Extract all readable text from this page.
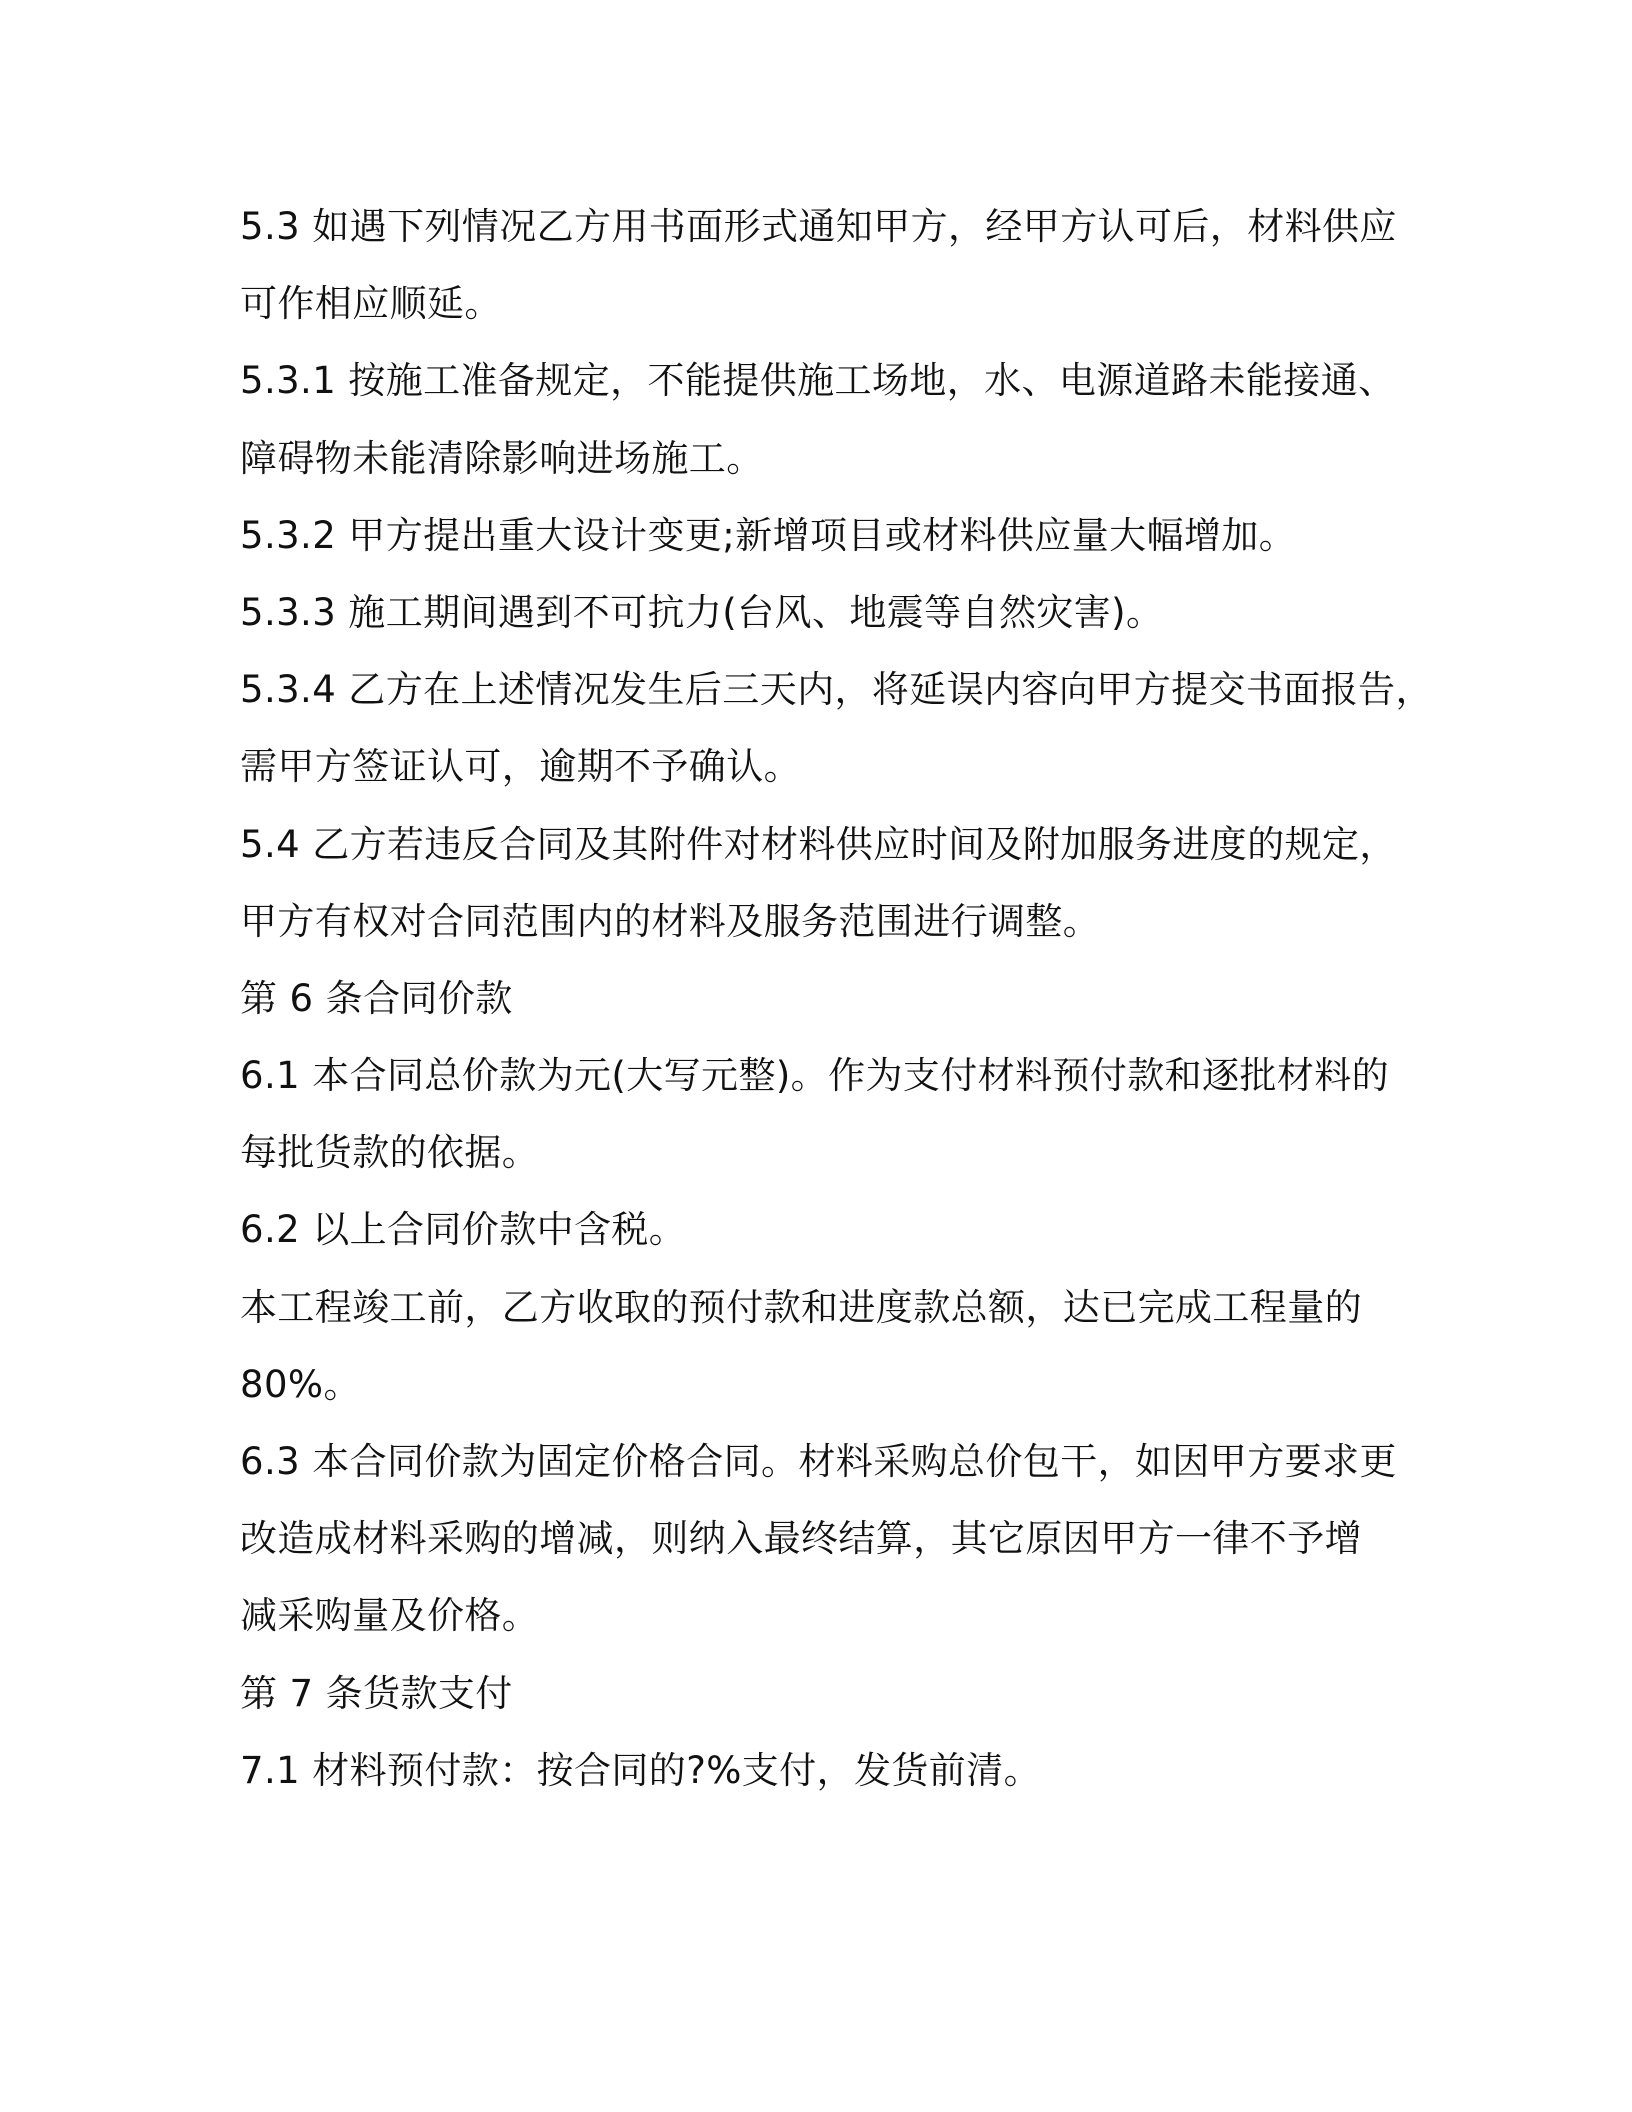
5.3 如遇下列情况乙方用书面形式通知甲方，经甲方认可后，材料供应
可作相应顺延。
5.3.1 按施工准备规定，不能提供施工场地，水、电源道路未能接通、
障碍物未能清除影响进场施工。
5.3.2 甲方提出重大设计变更;新增项目或材料供应量大幅增加。
5.3.3 施工期间遇到不可抗力(台风、地震等自然灾害)。
5.3.4 乙方在上述情况发生后三天内，将延误内容向甲方提交书面报告，
需甲方签证认可，逾期不予确认。
5.4 乙方若违反合同及其附件对材料供应时间及附加服务进度的规定，
甲方有权对合同范围内的材料及服务范围进行调整。
第 6 条合同价款
6.1 本合同总价款为元(大写元整)。作为支付材料预付款和逐批材料的
每批货款的依据。
6.2 以上合同价款中含税。
本工程竣工前，乙方收取的预付款和进度款总额，达已完成工程量的
80%。
6.3 本合同价款为固定价格合同。材料采购总价包干，如因甲方要求更
改造成材料采购的增减，则纳入最终结算，其它原因甲方一律不予增
减采购量及价格。
第 7 条货款支付
7.1 材料预付款：按合同的?%支付，发货前清。
